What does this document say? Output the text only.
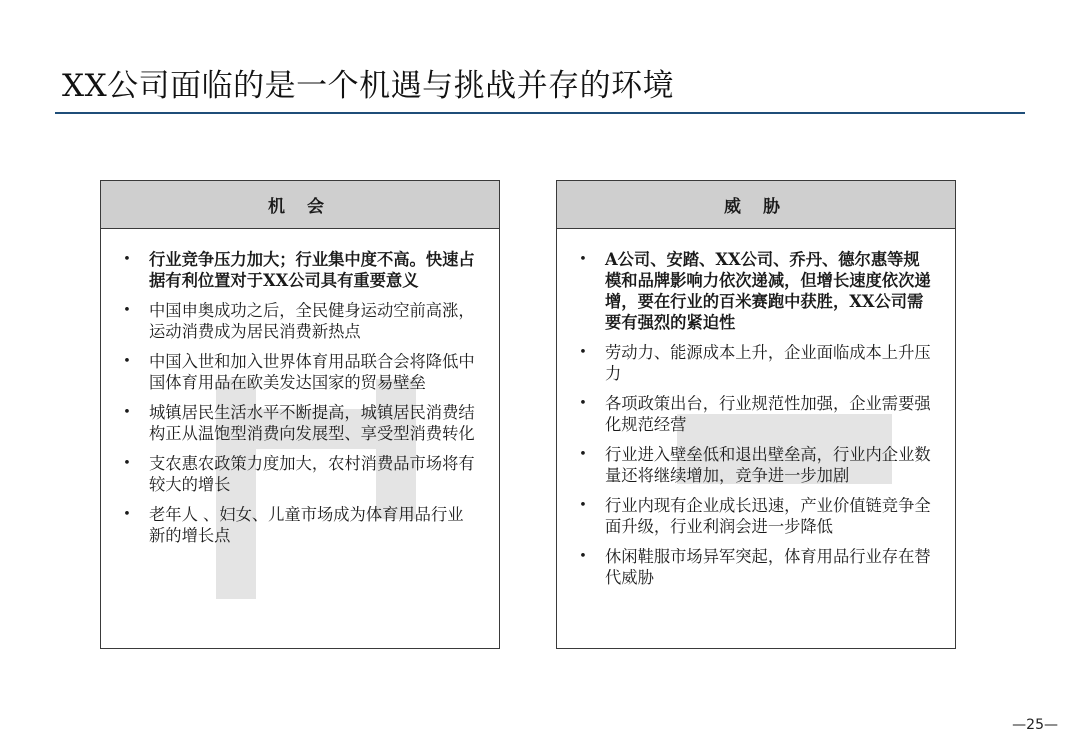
XX公司面临的是一个机遇与挑战并存的环境
机 会
• 行业竞争压力加大；行业集中度不高。快速占据有利位置对于XX公司具有重要意义
• 中国申奥成功之后，全民健身运动空前高涨，运动消费成为居民消费新热点
• 中国入世和加入世界体育用品联合会将降低中国体育用品在欧美发达国家的贸易壁垒
• 城镇居民生活水平不断提高，城镇居民消费结构正从温饱型消费向发展型、享受型消费转化
• 支农惠农政策力度加大，农村消费品市场将有较大的增长
• 老年人 、妇女、儿童市场成为体育用品行业新的增长点
威 胁
• A公司、安踏、XX公司、乔丹、德尔惠等规模和品牌影响力依次递减，但增长速度依次递增，要在行业的百米赛跑中获胜，XX公司需要有强烈的紧迫性
• 劳动力、能源成本上升，企业面临成本上升压力
• 各项政策出台，行业规范性加强，企业需要强化规范经营
• 行业进入壁垒低和退出壁垒高，行业内企业数量还将继续增加，竞争进一步加剧
• 行业内现有企业成长迅速，产业价值链竞争全面升级，行业利润会进一步降低
• 休闲鞋服市场异军突起，体育用品行业存在替代威胁
—25—
